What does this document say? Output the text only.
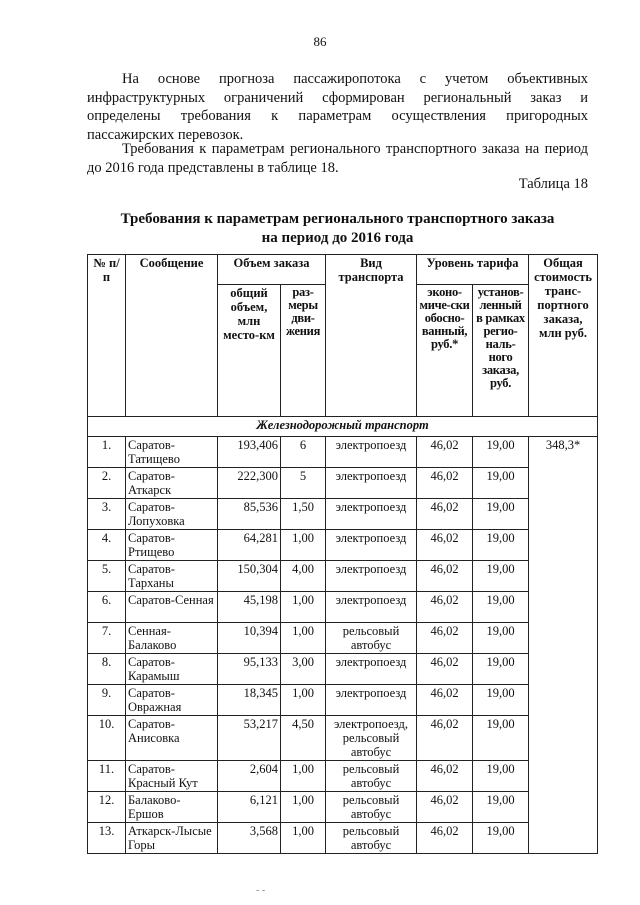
86
На основе прогноза пассажиропотока с учетом объективных инфраструктурных ограничений сформирован региональный заказ и определены требования к параметрам осуществления пригородных пассажирских перевозок.
Требования к параметрам регионального транспортного заказа на период до 2016 года представлены в таблице 18.
Таблица 18
Требования к параметрам регионального транспортного заказа
на период до 2016 года
№ п/п	Сообщение	Объем заказа		Вид транспорта	Уровень тарифа		Общая стоимость транс-портного заказа, млн руб.
		общий объем, млн место-км	раз-меры дви-жения		эконо-миче-ски обосно-ванный, руб.*	установ-ленный в рамках регио-наль-ного заказа, руб.	
Железнодорожный транспорт							
1.	Саратов-Татищево	193,406	6	электропоезд	46,02	19,00	348,3*
2.	Саратов-Аткарск	222,300	5	электропоезд	46,02	19,00	
3.	Саратов-Лопуховка	85,536	1,50	электропоезд	46,02	19,00	
4.	Саратов-Ртищево	64,281	1,00	электропоезд	46,02	19,00	
5.	Саратов-Тарханы	150,304	4,00	электропоезд	46,02	19,00	
6.	Саратов-Сенная	45,198	1,00	электропоезд	46,02	19,00	
7.	Сенная-Балаково	10,394	1,00	рельсовый автобус	46,02	19,00	
8.	Саратов-Карамыш	95,133	3,00	электропоезд	46,02	19,00	
9.	Саратов-Овражная	18,345	1,00	электропоезд	46,02	19,00	
10.	Саратов-Анисовка	53,217	4,50	электропоезд, рельсовый автобус	46,02	19,00	
11.	Саратов-Красный Кут	2,604	1,00	рельсовый автобус	46,02	19,00	
12.	Балаково-Ершов	6,121	1,00	рельсовый автобус	46,02	19,00	
13.	Аткарск-Лысые Горы	3,568	1,00	рельсовый автобус	46,02	19,00	
- -
